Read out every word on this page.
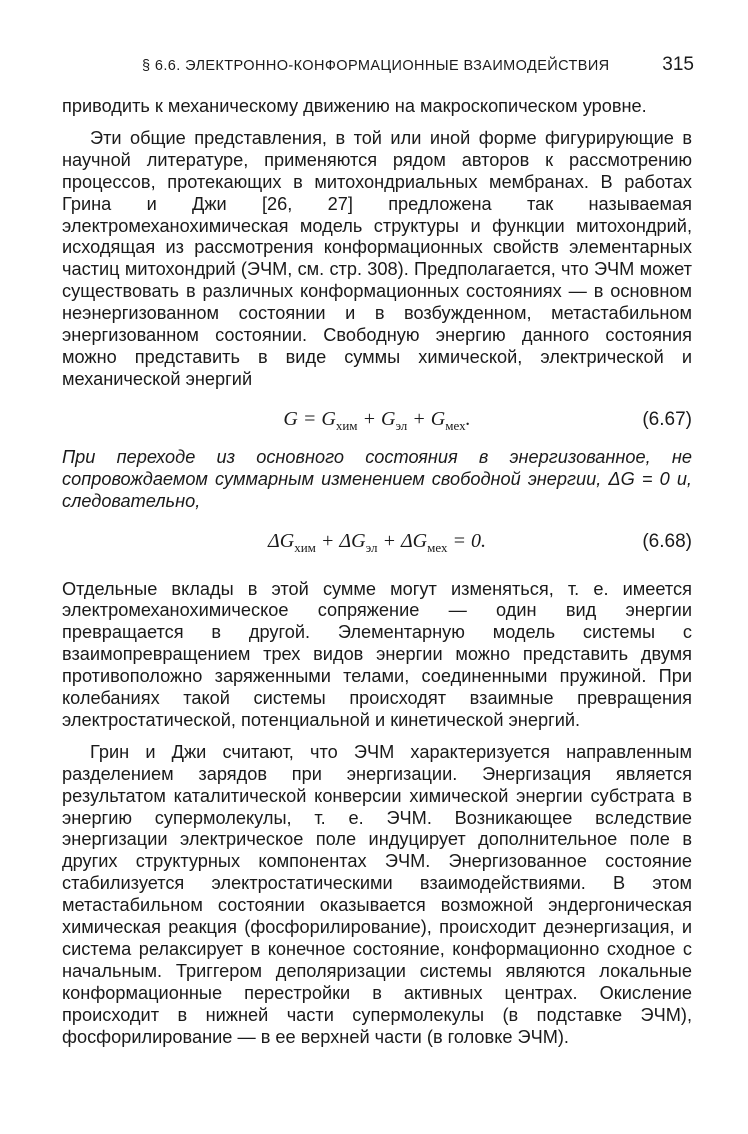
§ 6.6. ЭЛЕКТРОННО-КОНФОРМАЦИОННЫЕ ВЗАИМОДЕЙСТВИЯ	315

приводить к механическому движению на макроскопическом уровне.

Эти общие представления, в той или иной форме фигурирующие в научной литературе, применяются рядом авторов к рассмотрению процессов, протекающих в митохондриальных мембранах. В работах Грина и Джи [26, 27] предложена так называемая электромеханохимическая модель структуры и функции митохондрий, исходящая из рассмотрения конформационных свойств элементарных частиц митохондрий (ЭЧМ, см. стр. 308). Предполагается, что ЭЧМ может существовать в различных конформационных состояниях — в основном неэнергизованном состоянии и в возбужденном, метастабильном энергизованном состоянии. Свободную энергию данного состояния можно представить в виде суммы химической, электрической и механической энергий

$G = G_{хим} + G_{эл} + G_{мех}$.	(6.67)

При переходе из основного состояния в энергизованное, не сопровождаемом суммарным изменением свободной энергии, ΔG = 0 и, следовательно,

$\Delta G_{хим} + \Delta G_{эл} + \Delta G_{мех} = 0$.	(6.68)

Отдельные вклады в этой сумме могут изменяться, т. е. имеется электромеханохимическое сопряжение — один вид энергии превращается в другой. Элементарную модель системы с взаимопревращением трех видов энергии можно представить двумя противоположно заряженными телами, соединенными пружиной. При колебаниях такой системы происходят взаимные превращения электростатической, потенциальной и кинетической энергий.

Грин и Джи считают, что ЭЧМ характеризуется направленным разделением зарядов при энергизации. Энергизация является результатом каталитической конверсии химической энергии субстрата в энергию супермолекулы, т. е. ЭЧМ. Возникающее вследствие энергизации электрическое поле индуцирует дополнительное поле в других структурных компонентах ЭЧМ. Энергизованное состояние стабилизуется электростатическими взаимодействиями. В этом метастабильном состоянии оказывается возможной эндергоническая химическая реакция (фосфорилирование), происходит деэнергизация, и система релаксирует в конечное состояние, конформационно сходное с начальным. Триггером деполяризации системы являются локальные конформационные перестройки в активных центрах. Окисление происходит в нижней части супермолекулы (в подставке ЭЧМ), фосфорилирование — в ее верхней части (в головке ЭЧМ).
